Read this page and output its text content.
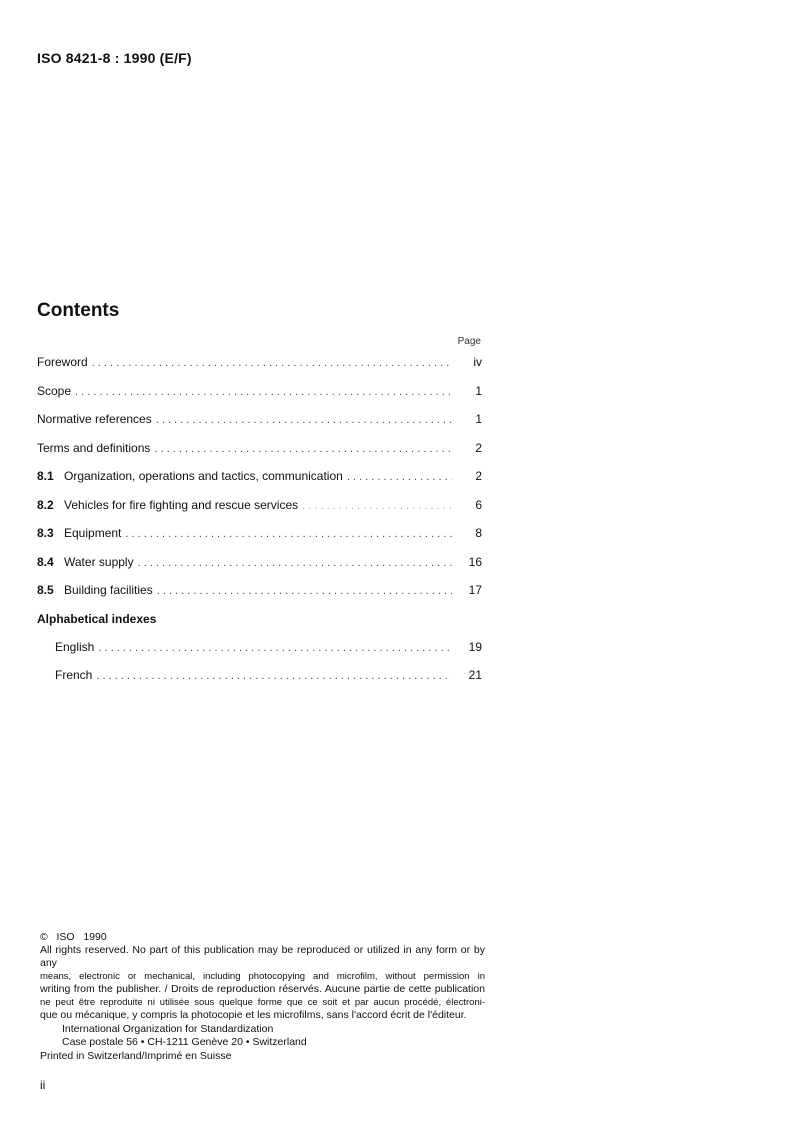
ISO 8421-8 : 1990 (E/F)
Contents
Page
Foreword . . .	iv
Scope . . .	1
Normative references . . .	1
Terms and definitions . . .	2
8.1 Organization, operations and tactics, communication . . .	2
8.2 Vehicles for fire fighting and rescue services . . .	6
8.3 Equipment . . .	8
8.4 Water supply . . .	16
8.5 Building facilities . . .	17
Alphabetical indexes
English . . .	19
French . . .	21

©   ISO   1990

All rights reserved. No part of this publication may be reproduced or utilized in any form or by any

means, electronic or mechanical, including photocopying and microfilm, without permission in

writing from the publisher. / Droits de reproduction réservés. Aucune partie de cette publication

ne peut être reproduite ni utilisée sous quelque forme que ce soit et par aucun procédé, électroni-

que ou mécanique, y compris la photocopie et les microfilms, sans l'accord écrit de l'éditeur.

International Organization for Standardization

Case postale 56 • CH-1211 Genève 20 • Switzerland

Printed in Switzerland/Imprimé en Suisse

ii
